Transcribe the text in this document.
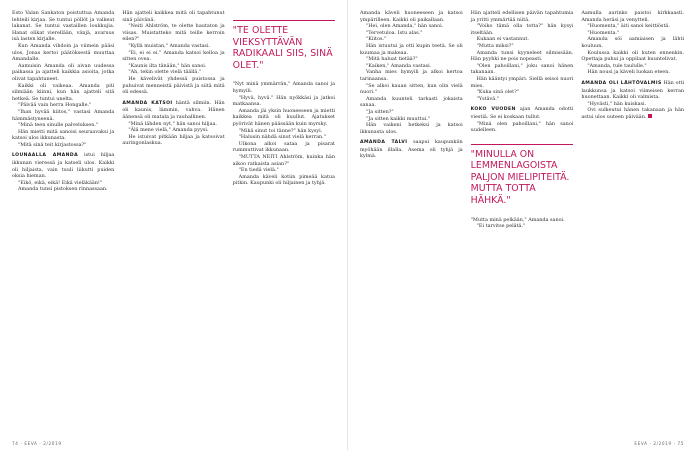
Esto Valan Sankaton poistuttua Amanda lehteili kirjaa. Se tuntui pöllöt ja valkeat lakanat. Se tuntui vastaillen loukkujia. Hanat olikat vierellään, vänjä, avaruus isä lasten kirjalle.

Kun Amanda vihdoin ja viimein pääsi ulos, Jonas kertoi päätöksestä muuttaa Amandalle.

Aamuisin Amanda oli aivan uudessa paikassa ja ajatteli kaikkia asioita, jotka olivat tapahtuneet.

Kaikki oli vaikeaa. Amanda piti silmiään kiinni, kun hän ajatteli sitä hetkeä. Se tuntui unelta.

"Päivää vain herra Hongalle."

"Ihan hyvää kiitos," vastasi Amanda hämmästyneenä.

"Minä teen sinulle palveluksen."

Hän mietti mitä sanoisi seuraavaksi ja katsoi ulos ikkunasta.

"Mitä sinä teit kirjastossa?"

LOUNAALLA AMANDA istui hiljaa ikkunan vieressä ja katseli ulos. Kaikki oli hiljaista, vain tuuli liikutti puiden oksia hieman.

"Eikö, eikä, eikä! Eikä vieläkään!"

Amanda tunsi pistoksen rinnassaan.

Hän ajatteli kaikkea mitä oli tapahtunut sinä päivänä.

"Neiti Ahlström, te olette hautaton ja viisas. Muistatteko mitä teille kerroin eilen?"

"Kyllä muistan," Amanda vastasi.

"Ei, ei ei ei." Amanda katsoi kelloa ja sitten ovea.

"Kaunis ilta tänään," hän sanoi.

"Ah, tekin olette vielä täällä."

He kävelivät yhdessä puistossa ja puhuivat menneistä päivistä ja siitä mitä oli edessä.

AMANDA KATSOI häntä silmiin. Hän oli kaunis, lämmin, vahva. Hänen äänensä oli matala ja rauhallinen.

"Minä lähden nyt," hän sanoi hiljaa.

"Älä mene vielä," Amanda pyysi.

He istuivat pitkään hiljaa ja katsoivat auringonlaskua.

"TE OLETTE VIEKSYTTÄVÄN RADIKAALI SIIS, SINÄ OLET."

"Nyt minä ymmärrän," Amanda sanoi ja hymyili.

"Hyvä, hyvä." Hän nyökkäsi ja jatkoi matkaansa.

Amanda jäi yksin huoneeseen ja mietti kaikkea mitä oli kuullut. Ajatukset pyörivät hänen päässään kuin myrsky.

"Mikä sinut toi tänne?" hän kysyi.

"Halusin nähdä sinut vielä kerran."

Ulkona alkoi sataa ja pisarat rummuttivat ikkunaan.

"MUTTA NEITI Ahlström, kuinka hän aikoo ratkaista asian?"

"En tiedä vielä."

Amanda käveli kotiin pimeää katua pitkin. Kaupunki oli hiljainen ja tyhjä.

74 · EEVA · 2/2019

Amanda käveli huoneeseen ja katsoi ympärilleen. Kaikki oli paikallaan.

"Hei, olen Amanda," hän sanoi.

"Tervetuloa. Istu alas."

"Kiitos."

Hän istuutui ja otti kupin teetä. Se oli kuumaa ja makeaa.

"Mitä haluat tietää?"

"Kaiken," Amanda vastasi.

Vanha mies hymyili ja alkoi kertoa tarinaansa.

"Se alkoi kauan sitten, kun olin vielä nuori."

Amanda kuunteli tarkasti jokaista sanaa.

"Ja sitten?"

"Ja sitten kaikki muuttui."

Hän vaikeni hetkeksi ja katsoi ikkunasta ulos.

AMANDA TALVI saapui kaupunkiin myöhään illalla. Asema oli tyhjä ja kylmä.

Hän ajatteli edellisen päivän tapahtumia ja yritti ymmärtää niitä.

"Voiko tämä olla totta?" hän kysyi itseltään.

Kukaan ei vastannut.

"Mutta miksi?"

Amanda tunsi kyyneleet silmissään. Hän pyyhki ne pois nopeasti.

"Olen pahoillani," joku sanoi hänen takanaan.

Hän kääntyi ympäri. Siellä seisoi nuori mies.

"Kuka sinä olet?"

"Ystävä."

KOKO VUODEN ajan Amanda odotti viestiä. Se ei koskaan tullut.

"Minä olen pahoillani," hän sanoi uudelleen.

"MINULLA ON LEMMENLAGOISTA PALJON MIELIPITEITÄ. MUTTA TOTTA HÄHKÄ."

"Mutta minä pelkään," Amanda sanoi.

"Ei tarvitse pelätä."

Aamulla aurinko paistoi kirkkaasti. Amanda heräsi ja venytteli.

"Huomenta," äiti sanoi keittiöstä.

"Huomenta."

Amanda söi aamiaisen ja lähti kouluun.

Koulussa kaikki oli kuten ennenkin. Opettaja puhui ja oppilaat kuuntelivat.

"Amanda, tule taululle."

Hän nousi ja käveli luokan eteen.

AMANDA OLI LÄHTÖVALMIS Hän otti laukkunsa ja katsoi viimeisen kerran huonettaan. Kaikki oli valmista.

"Hyvästi," hän kuiskasi.

Ovi sulkeutui hänen takanaan ja hän astui ulos uuteen päivään.

EEVA · 2/2019 · 75
